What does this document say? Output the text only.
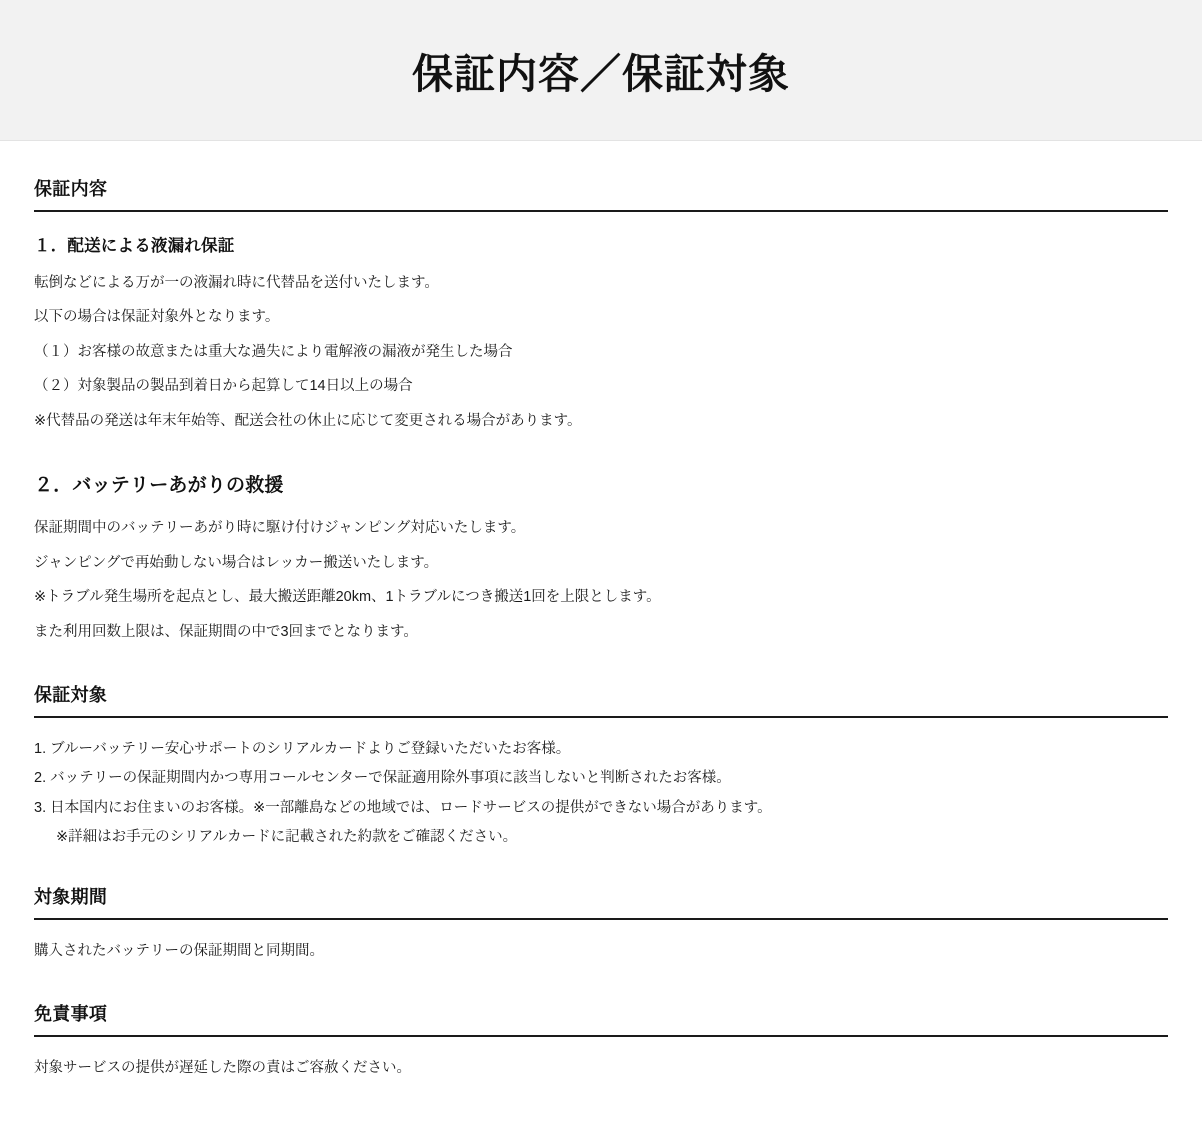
保証内容／保証対象
保証内容
１．配送による液漏れ保証

転倒などによる万が一の液漏れ時に代替品を送付いたします。

以下の場合は保証対象外となります。

（１）お客様の故意または重大な過失により電解液の漏液が発生した場合

（２）対象製品の製品到着日から起算して14日以上の場合

※代替品の発送は年末年始等、配送会社の休止に応じて変更される場合があります。

２．バッテリーあがりの救援

保証期間中のバッテリーあがり時に駆け付けジャンピング対応いたします。

ジャンピングで再始動しない場合はレッカー搬送いたします。

※トラブル発生場所を起点とし、最大搬送距離20km、1トラブルにつき搬送1回を上限とします。

また利用回数上限は、保証期間の中で3回までとなります。

保証対象
1. ブルーバッテリー安心サポートのシリアルカードよりご登録いただいたお客様。
2. バッテリーの保証期間内かつ専用コールセンターで保証適用除外事項に該当しないと判断されたお客様。
3. 日本国内にお住まいのお客様。※一部離島などの地域では、ロードサービスの提供ができない場合があります。

※詳細はお手元のシリアルカードに記載された約款をご確認ください。

対象期間

購入されたバッテリーの保証期間と同期間。

免責事項

対象サービスの提供が遅延した際の責はご容赦ください。
